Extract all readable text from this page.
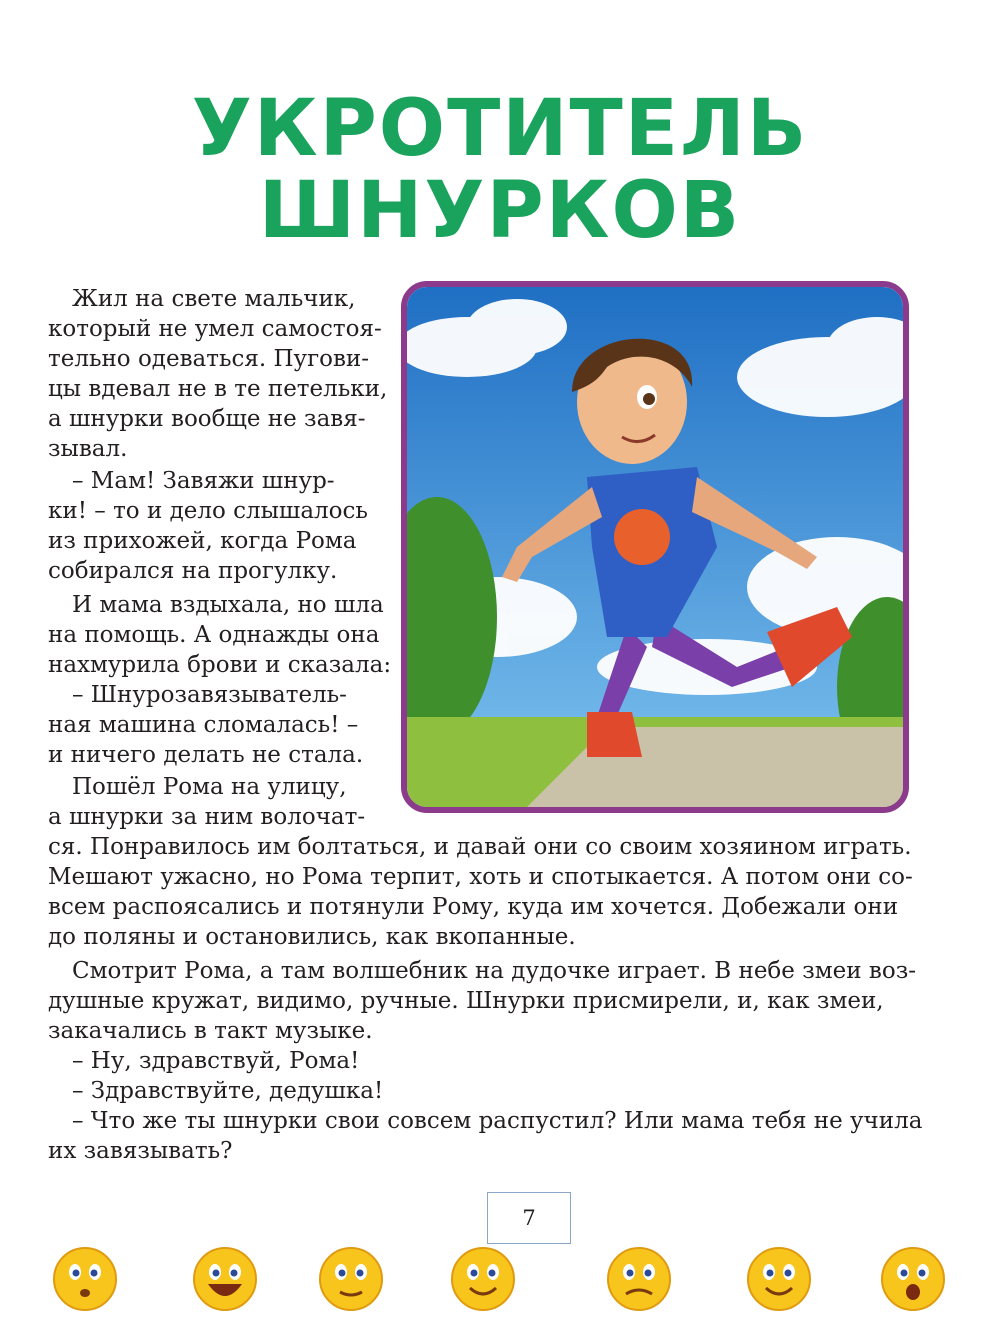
УКРОТИТЕЛЬ
ШНУРКОВ
Жил на свете мальчик,
который не умел самостоя-
тельно одеваться. Пугови-
цы вдевал не в те петельки,
а шнурки вообще не завя-
зывал.
– Мам! Завяжи шнур-
ки! – то и дело слышалось
из прихожей, когда Рома
собирался на прогулку.
И мама вздыхала, но шла
на помощь. А однажды она
нахмурила брови и сказала:
– Шнурозавязыватель-
ная машина сломалась! –
и ничего делать не стала.
Пошёл Рома на улицу,
а шнурки за ним волочат-
ся. Понравилось им болтаться, и давай они со своим хозяином играть.
Мешают ужасно, но Рома терпит, хоть и спотыкается. А потом они со-
всем распоясались и потянули Рому, куда им хочется. Добежали они
до поляны и остановились, как вкопанные.
Смотрит Рома, а там волшебник на дудочке играет. В небе змеи воз-
душные кружат, видимо, ручные. Шнурки присмирели, и, как змеи,
закачались в такт музыке.
– Ну, здравствуй, Рома!
– Здравствуйте, дедушка!
– Что же ты шнурки свои совсем распустил? Или мама тебя не учила
их завязывать?
7
